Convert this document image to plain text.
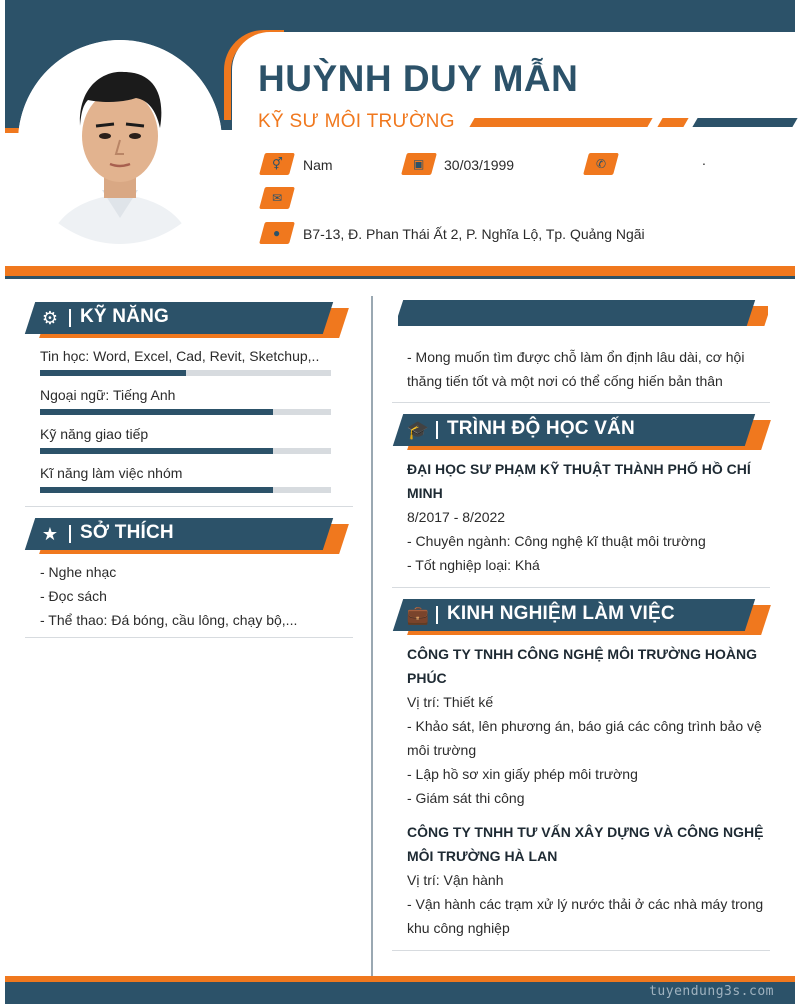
HUỲNH DUY MẪN
KỸ SƯ MÔI TRƯỜNG
⚥ Nam	▣ 30/03/1999	✆	.
✉
● B7-13, Đ. Phan Thái Ất 2, P. Nghĩa Lộ, Tp. Quảng Ngãi
⚙ KỸ NĂNG
Tin học: Word, Excel, Cad, Revit, Sketchup,..
Ngoại ngữ: Tiếng Anh
Kỹ năng giao tiếp
Kĩ năng làm việc nhóm
★ SỞ THÍCH
- Nghe nhạc
- Đọc sách
- Thể thao: Đá bóng, cầu lông, chạy bộ,...
- Mong muốn tìm được chỗ làm ổn định lâu dài, cơ hội
thăng tiến tốt và một nơi có thể cống hiến bản thân
🎓 TRÌNH ĐỘ HỌC VẤN
ĐẠI HỌC SƯ PHẠM KỸ THUẬT THÀNH PHỐ HỒ CHÍ
MINH
8/2017 - 8/2022
- Chuyên ngành: Công nghệ kĩ thuật môi trường
- Tốt nghiệp loại: Khá
💼 KINH NGHIỆM LÀM VIỆC
CÔNG TY TNHH CÔNG NGHỆ MÔI TRƯỜNG HOÀNG
PHÚC
Vị trí: Thiết kế
- Khảo sát, lên phương án, báo giá các công trình bảo vệ
môi trường
- Lập hồ sơ xin giấy phép môi trường
- Giám sát thi công
CÔNG TY TNHH TƯ VẤN XÂY DỰNG VÀ CÔNG NGHỆ
MÔI TRƯỜNG HÀ LAN
Vị trí: Vận hành
- Vận hành các trạm xử lý nước thải ở các nhà máy trong
khu công nghiệp
tuyendung3s.com
